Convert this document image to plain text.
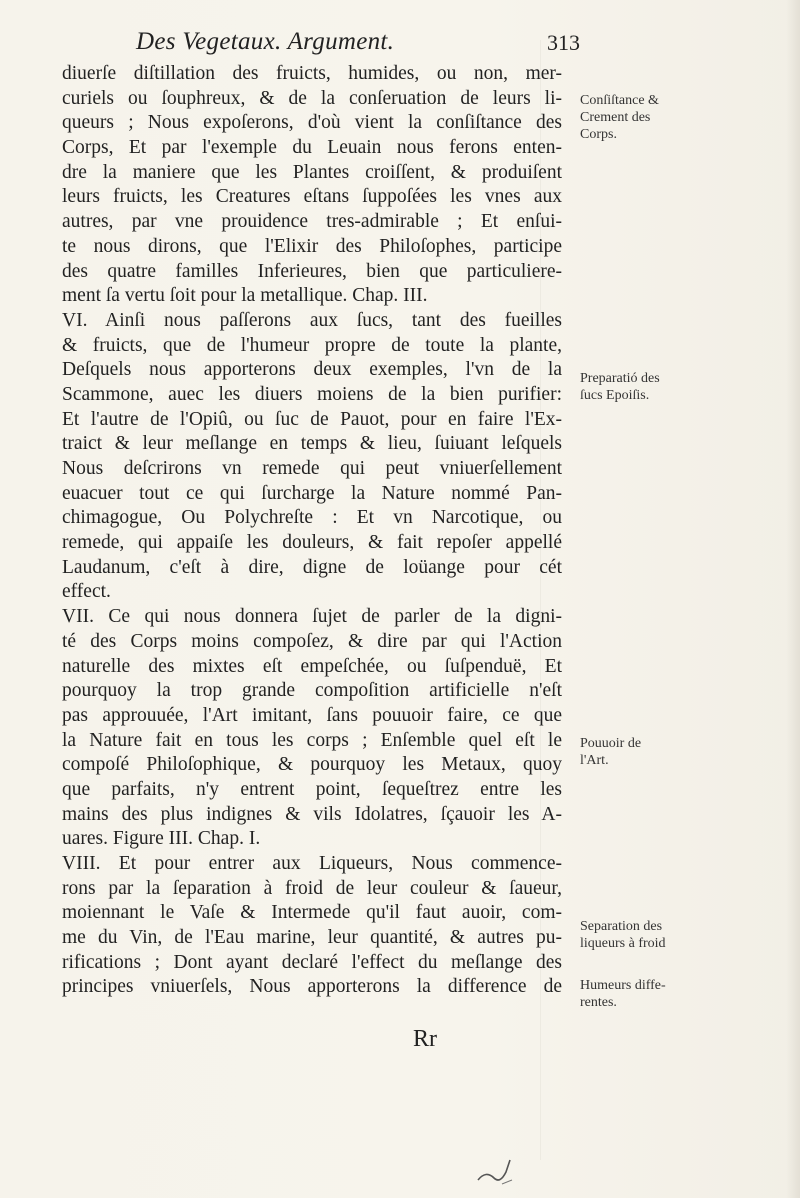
Des Vegetaux. Argument.	313
diuerſe diſtillation des fruicts, humides, ou non, mer-
curiels ou ſouphreux, & de la conſeruation de leurs li-
queurs ; Nous expoſerons, d'où vient la conſiſtance des
Corps, Et par l'exemple du Leuain nous ferons enten-
dre la maniere que les Plantes croiſſent, & produiſent
leurs fruicts, les Creatures eſtans ſuppoſées les vnes aux
autres, par vne prouidence tres-admirable ; Et enſui-
te nous dirons, que l'Elixir des Philoſophes, participe
des quatre familles Inferieures, bien que particuliere-
ment ſa vertu ſoit pour la metallique. Chap. III.
VI. Ainſi nous paſſerons aux ſucs, tant des fueilles
& fruicts, que de l'humeur propre de toute la plante,
Deſquels nous apporterons deux exemples, l'vn de la
Scammone, auec les diuers moiens de la bien purifier:
Et l'autre de l'Opiû, ou ſuc de Pauot, pour en faire l'Ex-
traict & leur meſlange en temps & lieu, ſuiuant leſquels
Nous deſcrirons vn remede qui peut vniuerſellement
euacuer tout ce qui ſurcharge la Nature nommé Pan-
chimagogue, Ou Polychreſte : Et vn Narcotique, ou
remede, qui appaiſe les douleurs, & fait repoſer appellé
Laudanum, c'eſt à dire, digne de loüange pour cét
effect.
VII. Ce qui nous donnera ſujet de parler de la digni-
té des Corps moins compoſez, & dire par qui l'Action
naturelle des mixtes eſt empeſchée, ou ſuſpenduë, Et
pourquoy la trop grande compoſition artificielle n'eſt
pas approuuée, l'Art imitant, ſans pouuoir faire, ce que
la Nature fait en tous les corps ; Enſemble quel eſt le
compoſé Philoſophique, & pourquoy les Metaux, quoy
que parfaits, n'y entrent point, ſequeſtrez entre les
mains des plus indignes & vils Idolatres, ſçauoir les A-
uares. Figure III. Chap. I.
VIII. Et pour entrer aux Liqueurs, Nous commence-
rons par la ſeparation à froid de leur couleur & ſaueur,
moiennant le Vaſe & Intermede qu'il faut auoir, com-
me du Vin, de l'Eau marine, leur quantité, & autres pu-
rifications ; Dont ayant declaré l'effect du meſlange des
principes vniuerſels, Nous apporterons la difference de
Conſiſtance &
Crement des
Corps.
Preparatió des
ſucs Epoiſis.
Pouuoir de
l'Art.
Separation des
liqueurs à froid
Humeurs diffe-
rentes.
Rr
